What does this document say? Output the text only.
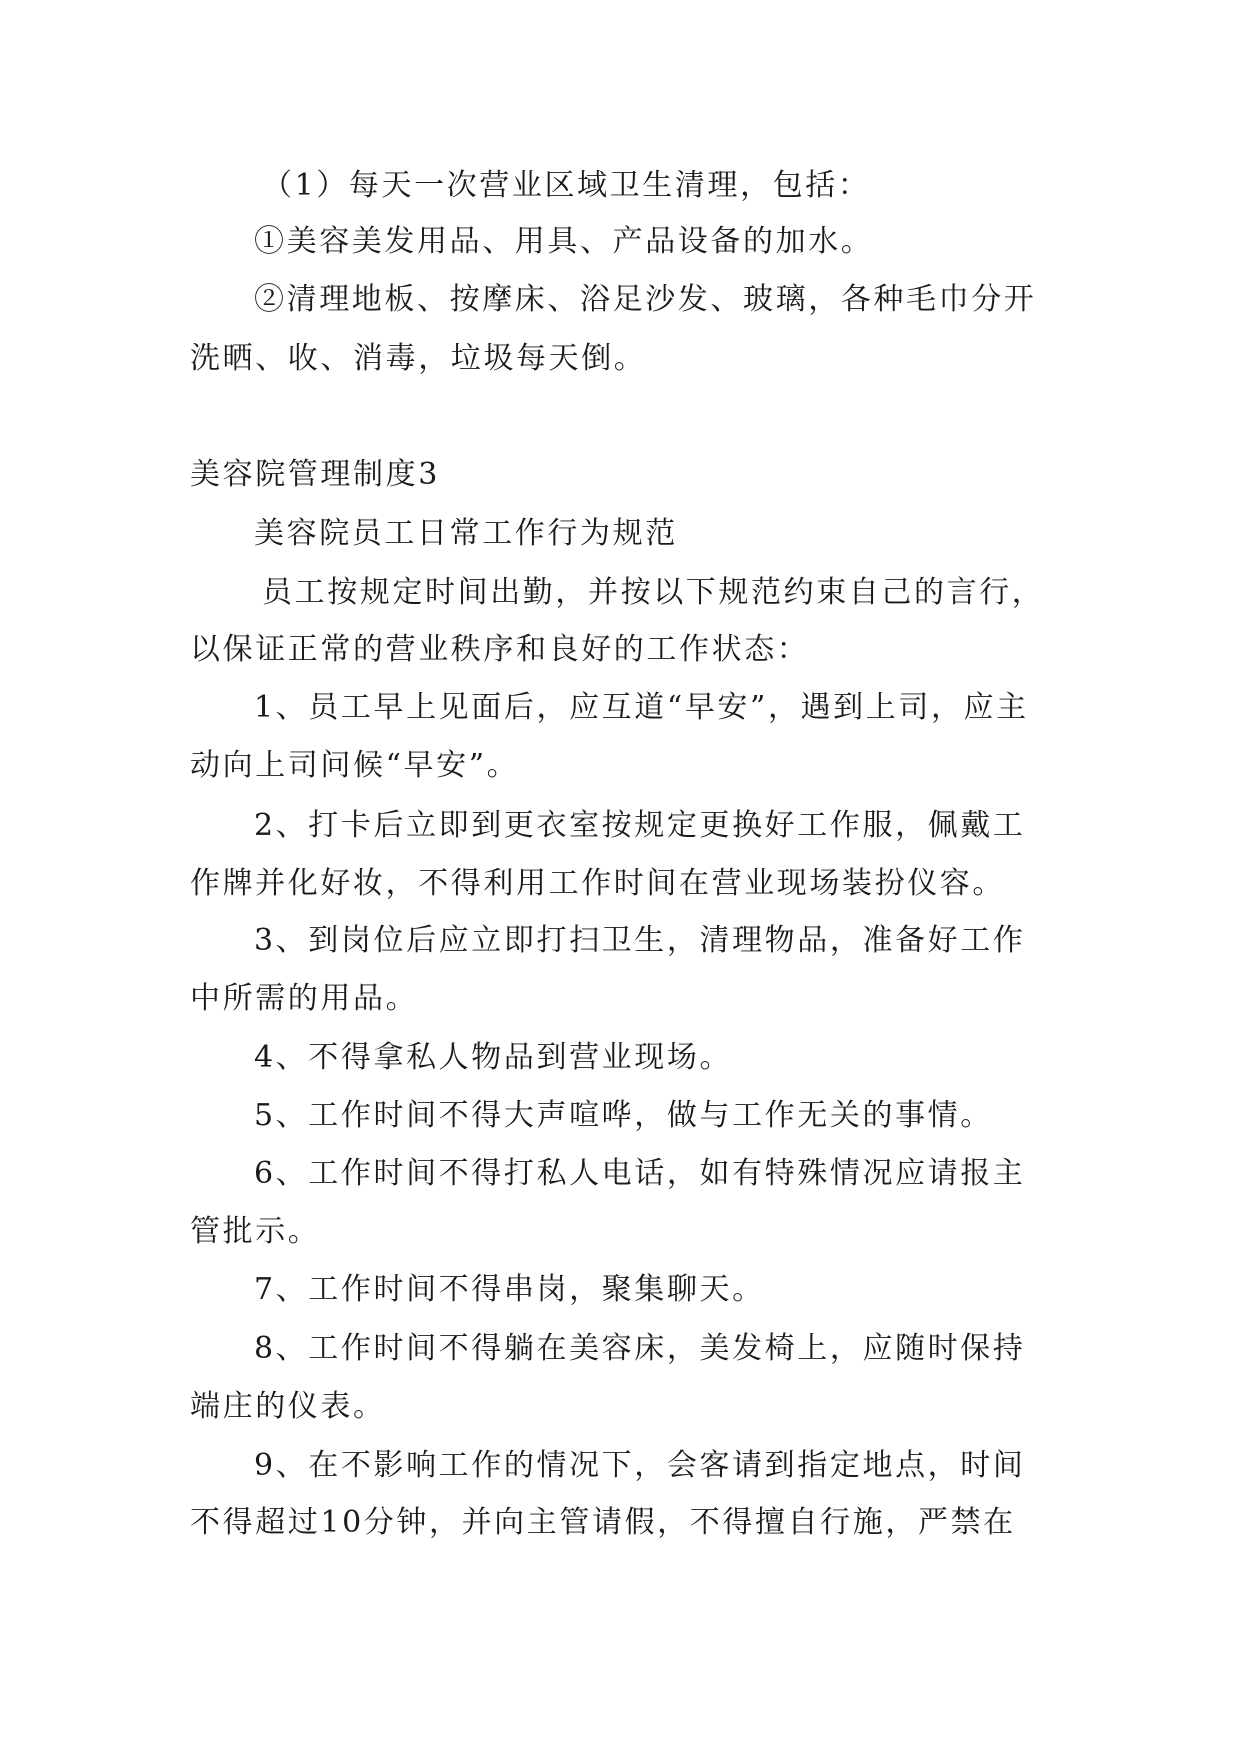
（1）每天一次营业区域卫生清理，包括：
①美容美发用品、用具、产品设备的加水。
②清理地板、按摩床、浴足沙发、玻璃，各种毛巾分开
洗晒、收、消毒，垃圾每天倒。
美容院管理制度3
美容院员工日常工作行为规范
员工按规定时间出勤，并按以下规范约束自己的言行，
以保证正常的营业秩序和良好的工作状态：
1、员工早上见面后，应互道“早安”，遇到上司，应主
动向上司问候“早安”。
2、打卡后立即到更衣室按规定更换好工作服，佩戴工
作牌并化好妆，不得利用工作时间在营业现场装扮仪容。
3、到岗位后应立即打扫卫生，清理物品，准备好工作
中所需的用品。
4、不得拿私人物品到营业现场。
5、工作时间不得大声喧哗，做与工作无关的事情。
6、工作时间不得打私人电话，如有特殊情况应请报主
管批示。
7、工作时间不得串岗，聚集聊天。
8、工作时间不得躺在美容床，美发椅上，应随时保持
端庄的仪表。
9、在不影响工作的情况下，会客请到指定地点，时间
不得超过10分钟，并向主管请假，不得擅自行施，严禁在
